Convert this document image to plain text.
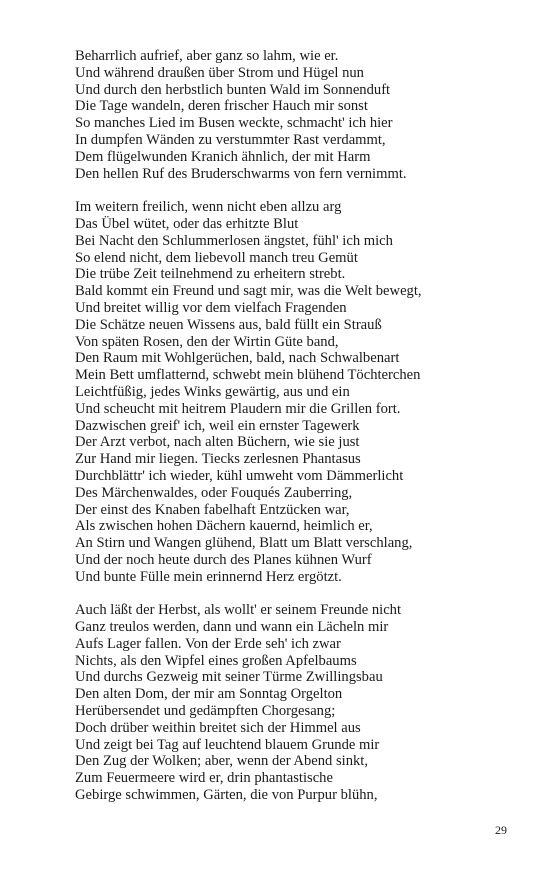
Beharrlich aufrief, aber ganz so lahm, wie er.
Und während draußen über Strom und Hügel nun
Und durch den herbstlich bunten Wald im Sonnenduft
Die Tage wandeln, deren frischer Hauch mir sonst
So manches Lied im Busen weckte, schmacht' ich hier
In dumpfen Wänden zu verstummter Rast verdammt,
Dem flügelwunden Kranich ähnlich, der mit Harm
Den hellen Ruf des Bruderschwarms von fern vernimmt.
Im weitern freilich, wenn nicht eben allzu arg
Das Übel wütet, oder das erhitzte Blut
Bei Nacht den Schlummerlosen ängstet, fühl' ich mich
So elend nicht, dem liebevoll manch treu Gemüt
Die trübe Zeit teilnehmend zu erheitern strebt.
Bald kommt ein Freund und sagt mir, was die Welt bewegt,
Und breitet willig vor dem vielfach Fragenden
Die Schätze neuen Wissens aus, bald füllt ein Strauß
Von späten Rosen, den der Wirtin Güte band,
Den Raum mit Wohlgerüchen, bald, nach Schwalbenart
Mein Bett umflatternd, schwebt mein blühend Töchterchen
Leichtfüßig, jedes Winks gewärtig, aus und ein
Und scheucht mit heitrem Plaudern mir die Grillen fort.
Dazwischen greif' ich, weil ein ernster Tagewerk
Der Arzt verbot, nach alten Büchern, wie sie just
Zur Hand mir liegen. Tiecks zerlesnen Phantasus
Durchblättr' ich wieder, kühl umweht vom Dämmerlicht
Des Märchenwaldes, oder Fouqués Zauberring,
Der einst des Knaben fabelhaft Entzücken war,
Als zwischen hohen Dächern kauernd, heimlich er,
An Stirn und Wangen glühend, Blatt um Blatt verschlang,
Und der noch heute durch des Planes kühnen Wurf
Und bunte Fülle mein erinnernd Herz ergötzt.
Auch läßt der Herbst, als wollt' er seinem Freunde nicht
Ganz treulos werden, dann und wann ein Lächeln mir
Aufs Lager fallen. Von der Erde seh' ich zwar
Nichts, als den Wipfel eines großen Apfelbaums
Und durchs Gezweig mit seiner Türme Zwillingsbau
Den alten Dom, der mir am Sonntag Orgelton
Herübersendet und gedämpften Chorgesang;
Doch drüber weithin breitet sich der Himmel aus
Und zeigt bei Tag auf leuchtend blauem Grunde mir
Den Zug der Wolken; aber, wenn der Abend sinkt,
Zum Feuermeere wird er, drin phantastische
Gebirge schwimmen, Gärten, die von Purpur blühn,
29
